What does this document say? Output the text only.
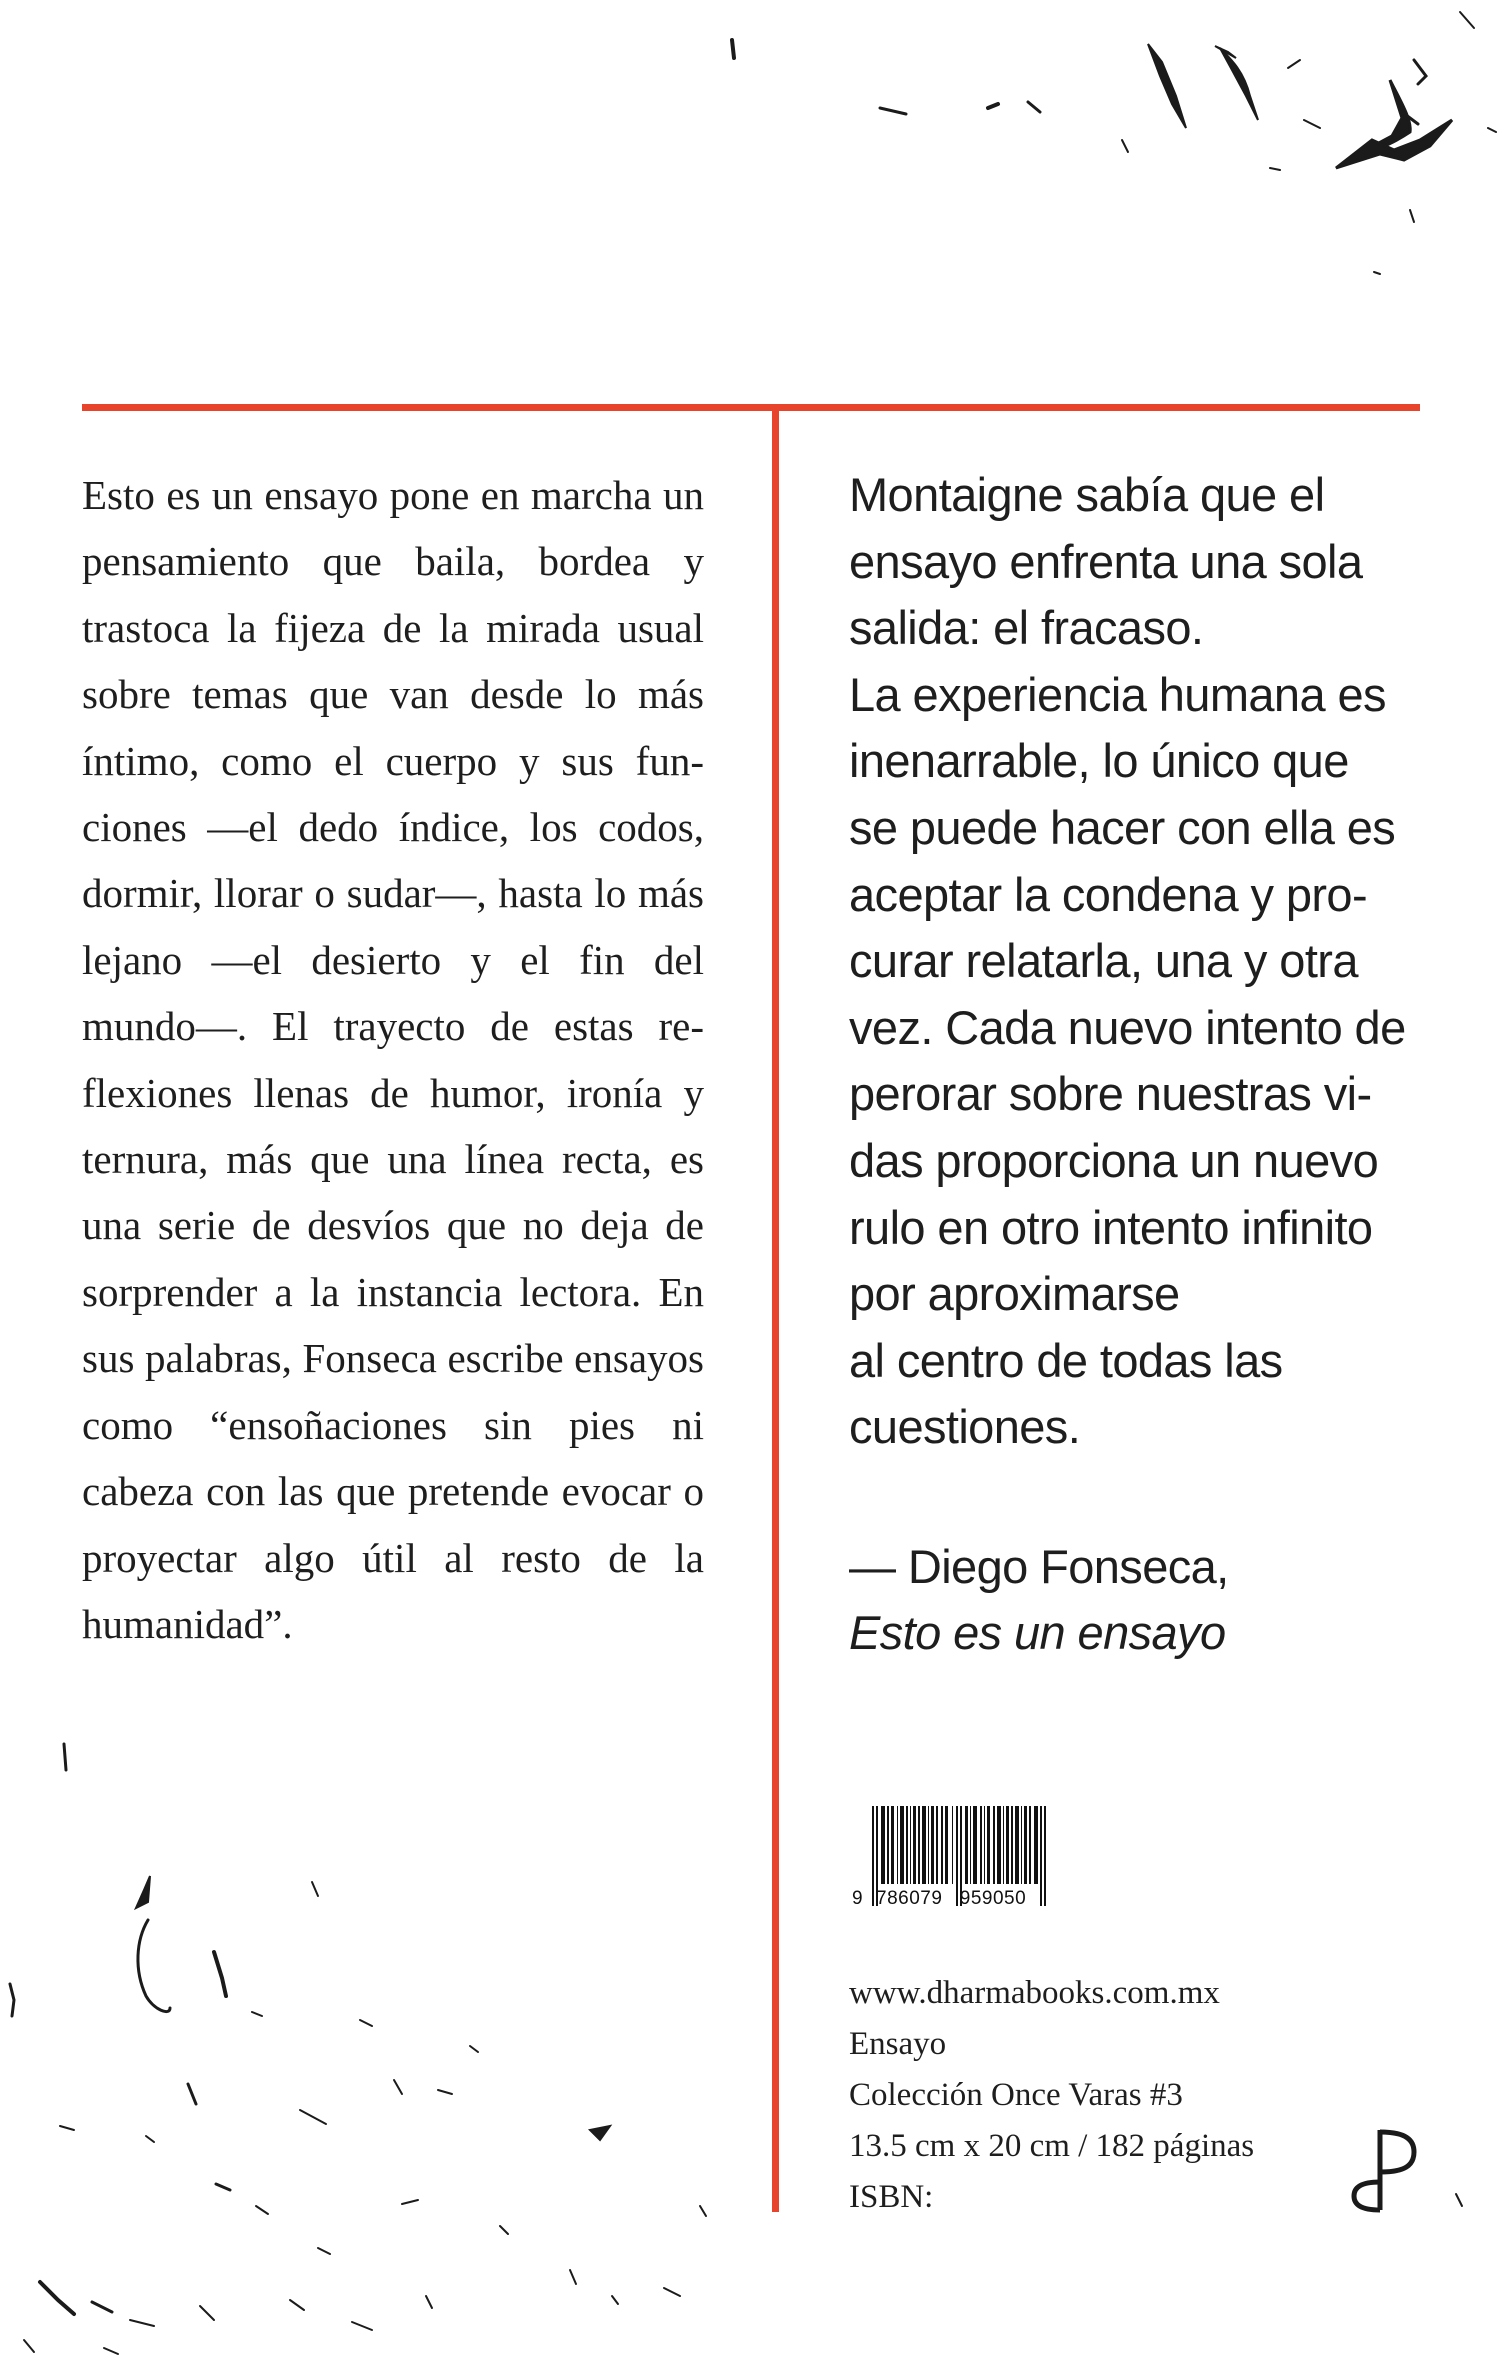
Esto es un ensayo pone en marcha un pensamiento que baila, bordea y trastoca la fijeza de la mirada usual sobre temas que van desde lo más íntimo, como el cuerpo y sus funciones —el dedo índice, los codos, dormir, llorar o sudar—, hasta lo más lejano —el desierto y el fin del mundo—. El trayecto de estas reflexiones llenas de humor, ironía y ternura, más que una línea recta, es una serie de desvíos que no deja de sorprender a la instancia lectora. En sus palabras, Fonseca escribe ensayos como “ensoñaciones sin pies ni cabeza con las que pretende evocar o proyectar algo útil al resto de la humanidad”.
Montaigne sabía que el
ensayo enfrenta una sola
salida: el fracaso.
La experiencia humana es
inenarrable, lo único que
se puede hacer con ella es
aceptar la condena y pro-
curar relatarla, una y otra
vez. Cada nuevo intento de
perorar sobre nuestras vi-
das proporciona un nuevo
rulo en otro intento infinito
por aproximarse
al centro de todas las
cuestiones.
— Diego Fonseca,
Esto es un ensayo
9 786079 959050
www.dharmabooks.com.mx
Ensayo
Colección Once Varas #3
13.5 cm x 20 cm / 182 páginas
ISBN:
